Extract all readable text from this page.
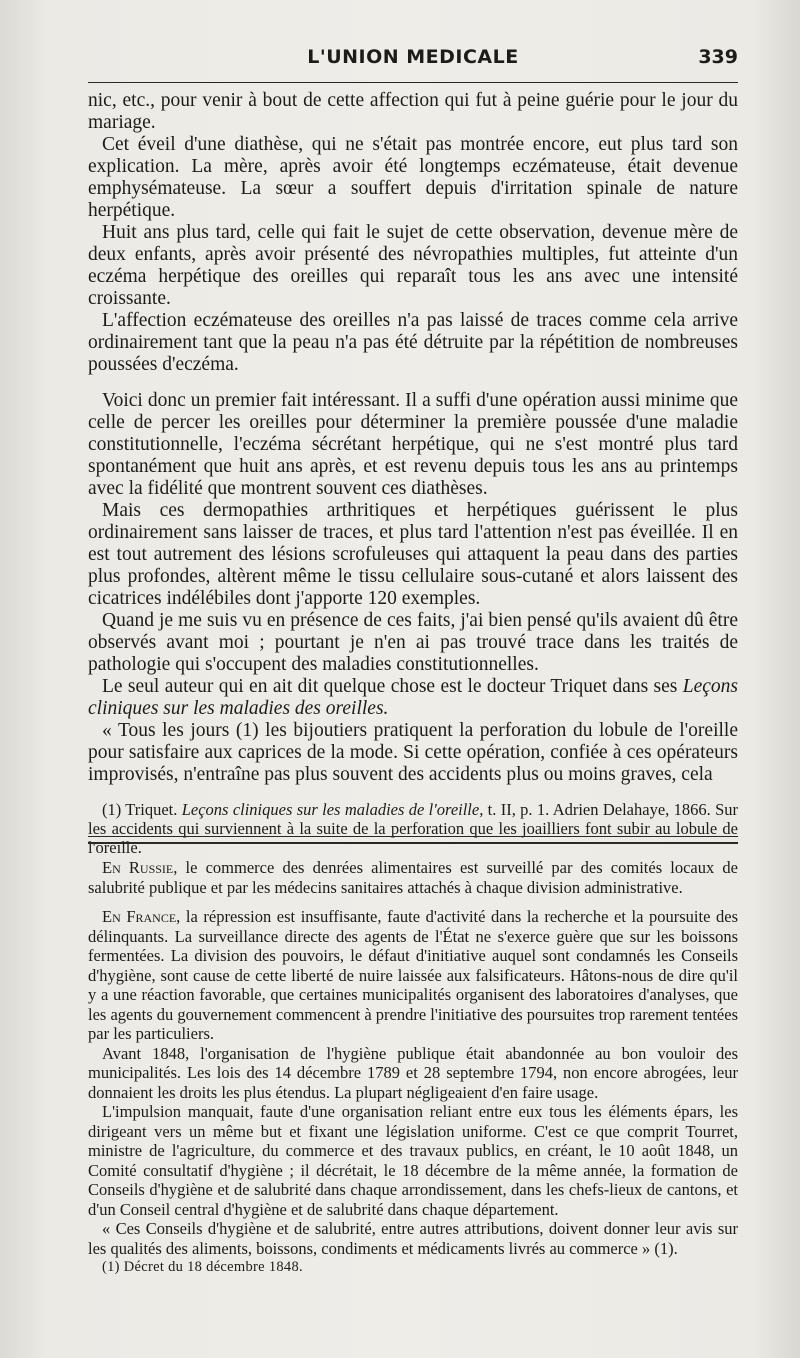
L'UNION MEDICALE	339

nic, etc., pour venir à bout de cette affection qui fut à peine guérie pour le jour du mariage.

Cet éveil d'une diathèse, qui ne s'était pas montrée encore, eut plus tard son explication. La mère, après avoir été longtemps eczémateuse, était devenue emphysémateuse. La sœur a souffert depuis d'irritation spinale de nature herpétique.

Huit ans plus tard, celle qui fait le sujet de cette observation, devenue mère de deux enfants, après avoir présenté des névropathies multiples, fut atteinte d'un eczéma herpétique des oreilles qui reparaît tous les ans avec une intensité croissante.

L'affection eczémateuse des oreilles n'a pas laissé de traces comme cela arrive ordinairement tant que la peau n'a pas été détruite par la répétition de nombreuses poussées d'eczéma.

Voici donc un premier fait intéressant. Il a suffi d'une opération aussi minime que celle de percer les oreilles pour déterminer la première poussée d'une maladie constitutionnelle, l'eczéma sécrétant herpétique, qui ne s'est montré plus tard spontanément que huit ans après, et est revenu depuis tous les ans au printemps avec la fidélité que montrent souvent ces diathèses.

Mais ces dermopathies arthritiques et herpétiques guérissent le plus ordinairement sans laisser de traces, et plus tard l'attention n'est pas éveillée. Il en est tout autrement des lésions scrofuleuses qui attaquent la peau dans des parties plus profondes, altèrent même le tissu cellulaire sous-cutané et alors laissent des cicatrices indélébiles dont j'apporte 120 exemples.

Quand je me suis vu en présence de ces faits, j'ai bien pensé qu'ils avaient dû être observés avant moi ; pourtant je n'en ai pas trouvé trace dans les traités de pathologie qui s'occupent des maladies constitutionnelles.

Le seul auteur qui en ait dit quelque chose est le docteur Triquet dans ses Leçons cliniques sur les maladies des oreilles.

« Tous les jours (1) les bijoutiers pratiquent la perforation du lobule de l'oreille pour satisfaire aux caprices de la mode. Si cette opération, confiée à ces opérateurs improvisés, n'entraîne pas plus souvent des accidents plus ou moins graves, cela

(1) Triquet. Leçons cliniques sur les maladies de l'oreille, t. II, p. 1. Adrien Delahaye, 1866. Sur les accidents qui surviennent à la suite de la perforation que les joailliers font subir au lobule de l'oreille.

En Russie, le commerce des denrées alimentaires est surveillé par des comités locaux de salubrité publique et par les médecins sanitaires attachés à chaque division administrative.

En France, la répression est insuffisante, faute d'activité dans la recherche et la poursuite des délinquants. La surveillance directe des agents de l'État ne s'exerce guère que sur les boissons fermentées. La division des pouvoirs, le défaut d'initiative auquel sont condamnés les Conseils d'hygiène, sont cause de cette liberté de nuire laissée aux falsificateurs. Hâtons-nous de dire qu'il y a une réaction favorable, que certaines municipalités organisent des laboratoires d'analyses, que les agents du gouvernement commencent à prendre l'initiative des poursuites trop rarement tentées par les particuliers.

Avant 1848, l'organisation de l'hygiène publique était abandonnée au bon vouloir des municipalités. Les lois des 14 décembre 1789 et 28 septembre 1794, non encore abrogées, leur donnaient les droits les plus étendus. La plupart négligeaient d'en faire usage.

L'impulsion manquait, faute d'une organisation reliant entre eux tous les éléments épars, les dirigeant vers un même but et fixant une législation uniforme. C'est ce que comprit Tourret, ministre de l'agriculture, du commerce et des travaux publics, en créant, le 10 août 1848, un Comité consultatif d'hygiène ; il décrétait, le 18 décembre de la même année, la formation de Conseils d'hygiène et de salubrité dans chaque arrondissement, dans les chefs-lieux de cantons, et d'un Conseil central d'hygiène et de salubrité dans chaque département.

« Ces Conseils d'hygiène et de salubrité, entre autres attributions, doivent donner leur avis sur les qualités des aliments, boissons, condiments et médicaments livrés au commerce » (1).

(1) Décret du 18 décembre 1848.
